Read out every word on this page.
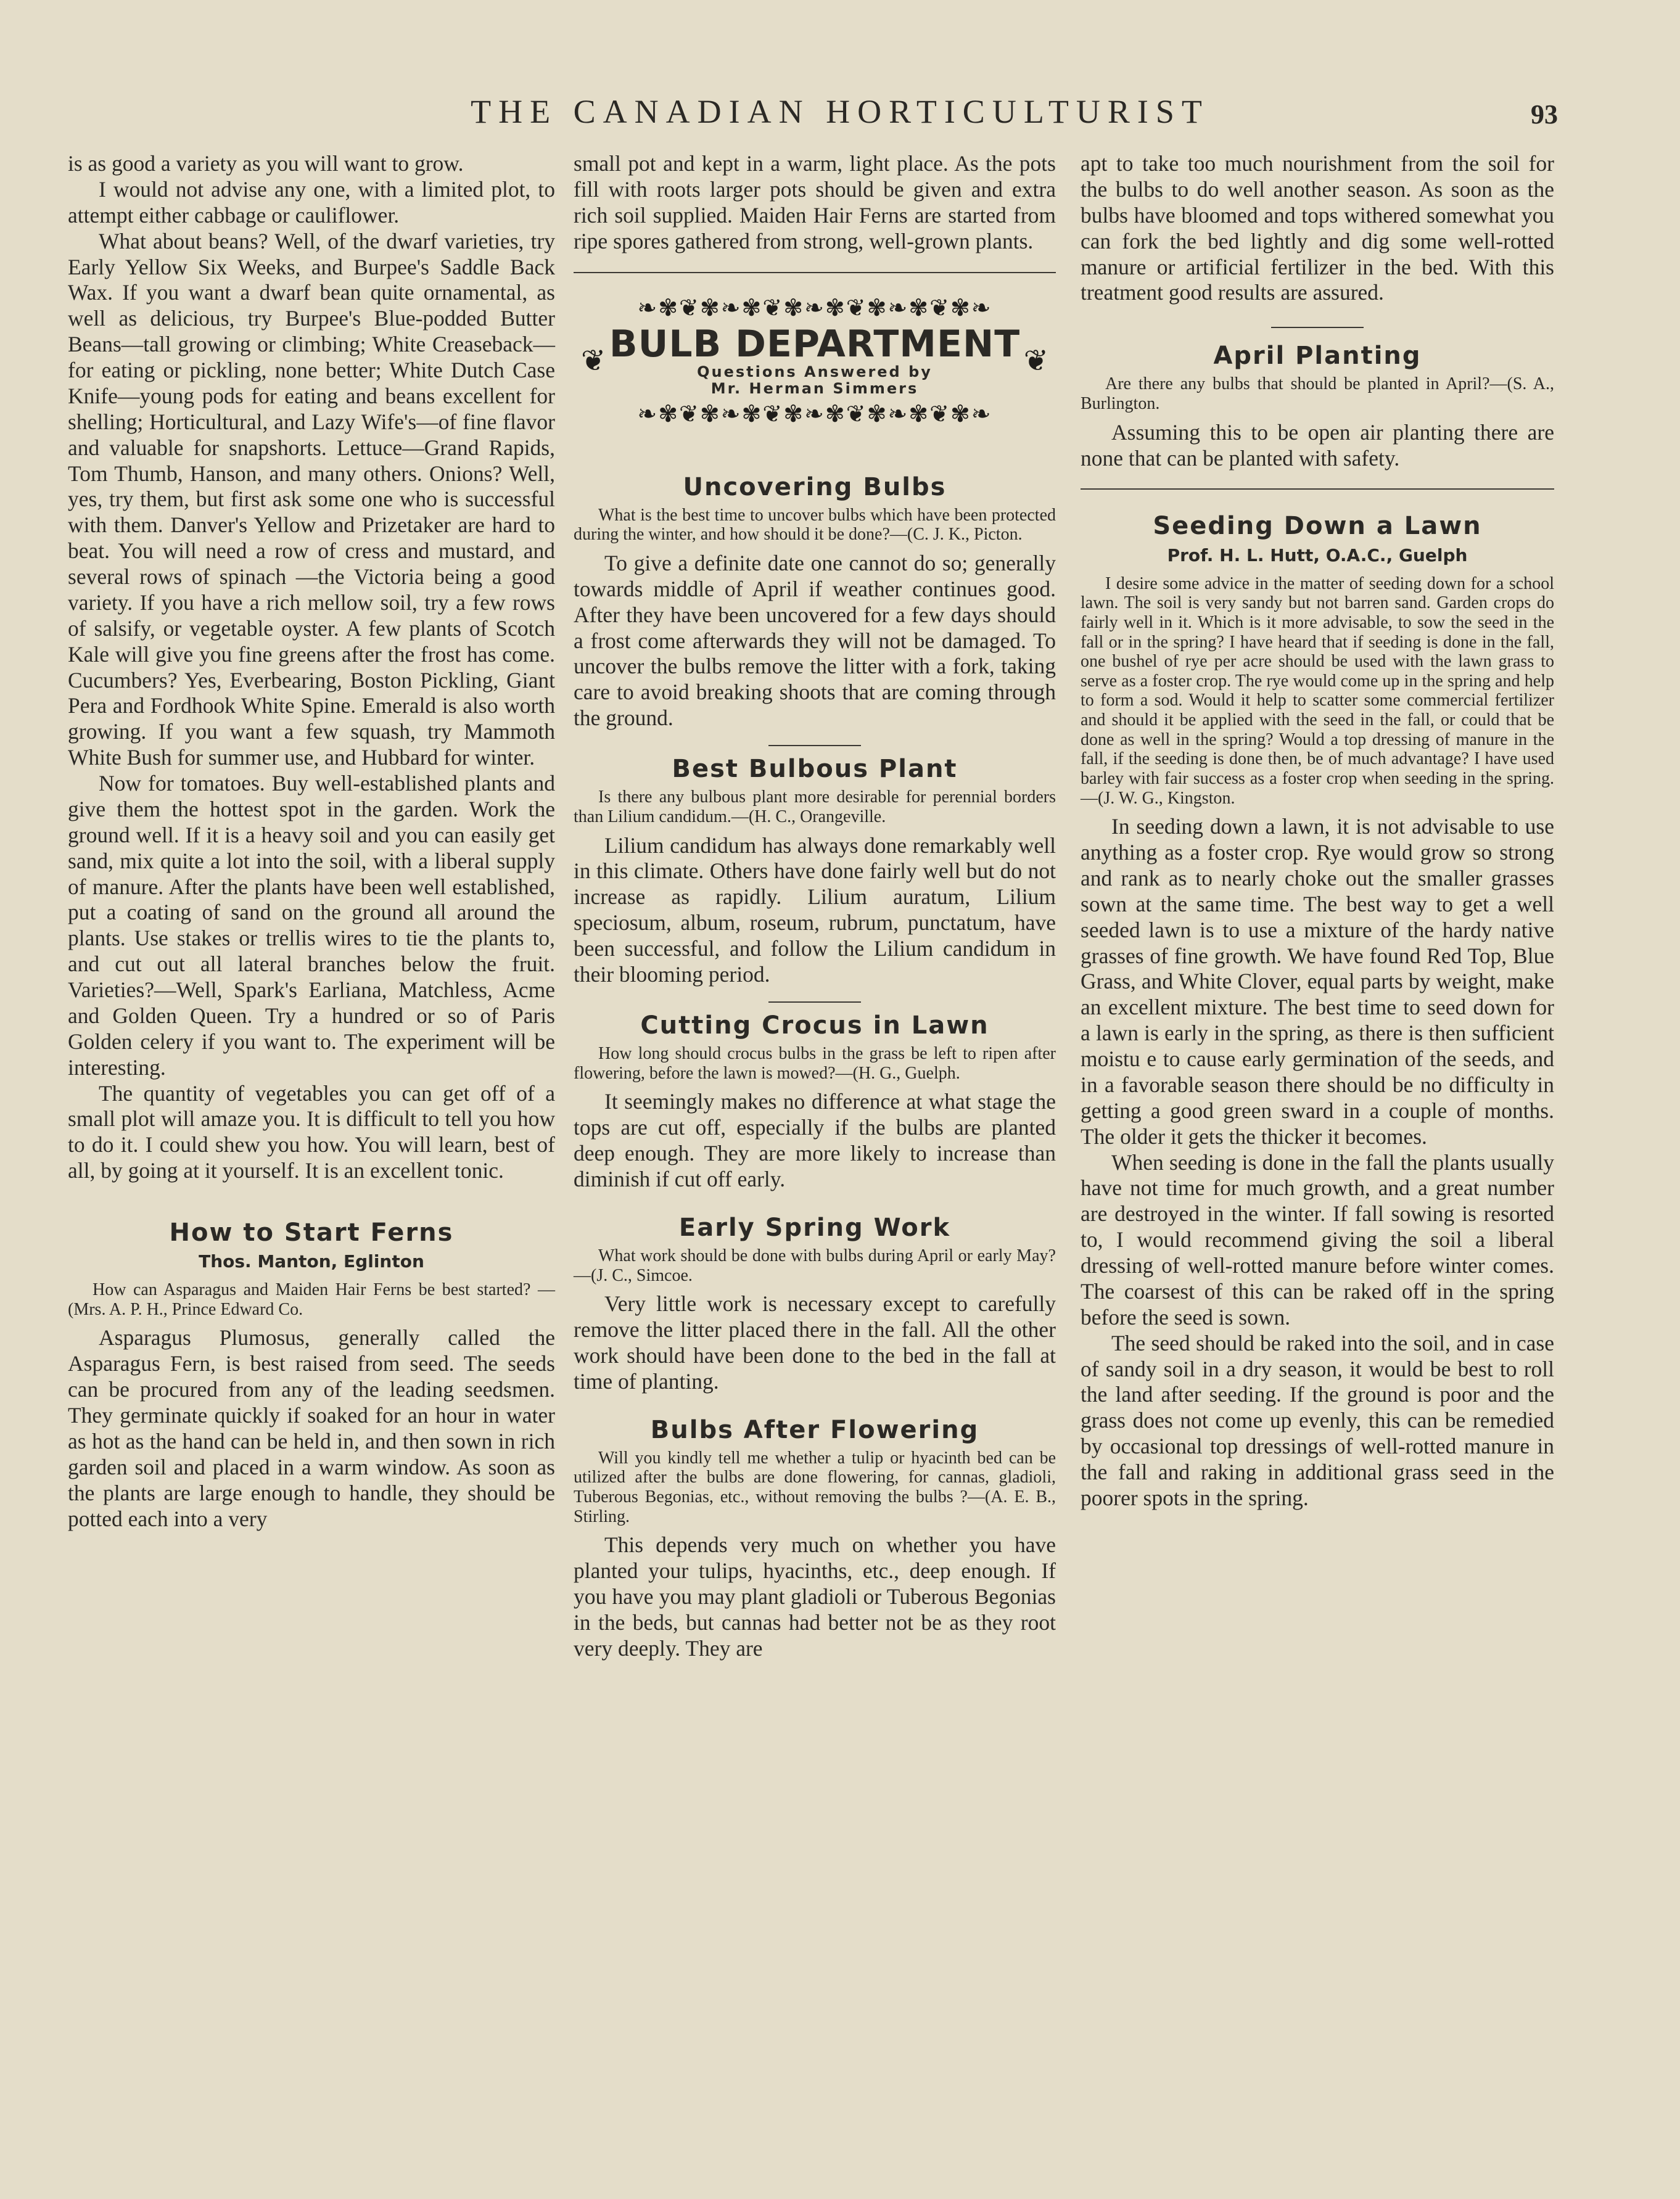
THE CANADIAN HORTICULTURIST	93

is as good a variety as you will want to grow.

I would not advise any one, with a limited plot, to attempt either cabbage or cauliflower.

What about beans? Well, of the dwarf varieties, try Early Yellow Six Weeks, and Burpee's Saddle Back Wax. If you want a dwarf bean quite ornamental, as well as delicious, try Burpee's Blue-podded Butter Beans—tall growing or climbing; White Creaseback—for eating or pickling, none better; White Dutch Case Knife—young pods for eating and beans excellent for shelling; Horticultural, and Lazy Wife's—of fine flavor and valuable for snapshorts. Lettuce—Grand Rapids, Tom Thumb, Hanson, and many others. Onions? Well, yes, try them, but first ask some one who is successful with them. Danver's Yellow and Prizetaker are hard to beat. You will need a row of cress and mustard, and several rows of spinach —the Victoria being a good variety. If you have a rich mellow soil, try a few rows of salsify, or vegetable oyster. A few plants of Scotch Kale will give you fine greens after the frost has come. Cucumbers? Yes, Everbearing, Boston Pickling, Giant Pera and Fordhook White Spine. Emerald is also worth growing. If you want a few squash, try Mammoth White Bush for summer use, and Hubbard for winter.

Now for tomatoes. Buy well-established plants and give them the hottest spot in the garden. Work the ground well. If it is a heavy soil and you can easily get sand, mix quite a lot into the soil, with a liberal supply of manure. After the plants have been well established, put a coating of sand on the ground all around the plants. Use stakes or trellis wires to tie the plants to, and cut out all lateral branches below the fruit. Varieties?—Well, Spark's Earliana, Matchless, Acme and Golden Queen. Try a hundred or so of Paris Golden celery if you want to. The experiment will be interesting.

The quantity of vegetables you can get off of a small plot will amaze you. It is difficult to tell you how to do it. I could shew you how. You will learn, best of all, by going at it yourself. It is an excellent tonic.

How to Start Ferns
Thos. Manton, Eglinton

How can Asparagus and Maiden Hair Ferns be best started? —(Mrs. A. P. H., Prince Edward Co.

Asparagus Plumosus, generally called the Asparagus Fern, is best raised from seed. The seeds can be procured from any of the leading seedsmen. They germinate quickly if soaked for an hour in water as hot as the hand can be held in, and then sown in rich garden soil and placed in a warm window. As soon as the plants are large enough to handle, they should be potted each into a very

small pot and kept in a warm, light place. As the pots fill with roots larger pots should be given and extra rich soil supplied. Maiden Hair Ferns are started from ripe spores gathered from strong, well-grown plants.

❧✾❦✾❧✾❦✾❧✾❦✾❧✾❦✾❧
❦ BULB DEPARTMENT
Questions Answered by
Mr. Herman Simmers
❦
❧✾❦✾❧✾❦✾❧✾❦✾❧✾❦✾❧
Uncovering Bulbs

What is the best time to uncover bulbs which have been protected during the winter, and how should it be done?—(C. J. K., Picton.

To give a definite date one cannot do so; generally towards middle of April if weather continues good. After they have been uncovered for a few days should a frost come afterwards they will not be damaged. To uncover the bulbs remove the litter with a fork, taking care to avoid breaking shoots that are coming through the ground.

Best Bulbous Plant

Is there any bulbous plant more desirable for perennial borders than Lilium candidum.—(H. C., Orangeville.

Lilium candidum has always done remarkably well in this climate. Others have done fairly well but do not increase as rapidly. Lilium auratum, Lilium speciosum, album, roseum, rubrum, punctatum, have been successful, and follow the Lilium candidum in their blooming period.

Cutting Crocus in Lawn

How long should crocus bulbs in the grass be left to ripen after flowering, before the lawn is mowed?—(H. G., Guelph.

It seemingly makes no difference at what stage the tops are cut off, especially if the bulbs are planted deep enough. They are more likely to increase than diminish if cut off early.

Early Spring Work

What work should be done with bulbs during April or early May?—(J. C., Simcoe.

Very little work is necessary except to carefully remove the litter placed there in the fall. All the other work should have been done to the bed in the fall at time of planting.

Bulbs After Flowering

Will you kindly tell me whether a tulip or hyacinth bed can be utilized after the bulbs are done flowering, for cannas, gladioli, Tuberous Begonias, etc., without removing the bulbs ?—(A. E. B., Stirling.

This depends very much on whether you have planted your tulips, hyacinths, etc., deep enough. If you have you may plant gladioli or Tuberous Begonias in the beds, but cannas had better not be as they root very deeply. They are

apt to take too much nourishment from the soil for the bulbs to do well another season. As soon as the bulbs have bloomed and tops withered somewhat you can fork the bed lightly and dig some well-rotted manure or artificial fertilizer in the bed. With this treatment good results are assured.

April Planting

Are there any bulbs that should be planted in April?—(S. A., Burlington.

Assuming this to be open air planting there are none that can be planted with safety.

Seeding Down a Lawn
Prof. H. L. Hutt, O.A.C., Guelph

I desire some advice in the matter of seeding down for a school lawn. The soil is very sandy but not barren sand. Garden crops do fairly well in it. Which is it more advisable, to sow the seed in the fall or in the spring? I have heard that if seeding is done in the fall, one bushel of rye per acre should be used with the lawn grass to serve as a foster crop. The rye would come up in the spring and help to form a sod. Would it help to scatter some commercial fertilizer and should it be applied with the seed in the fall, or could that be done as well in the spring? Would a top dressing of manure in the fall, if the seeding is done then, be of much advantage? I have used barley with fair success as a foster crop when seeding in the spring. —(J. W. G., Kingston.

In seeding down a lawn, it is not advisable to use anything as a foster crop. Rye would grow so strong and rank as to nearly choke out the smaller grasses sown at the same time. The best way to get a well seeded lawn is to use a mixture of the hardy native grasses of fine growth. We have found Red Top, Blue Grass, and White Clover, equal parts by weight, make an excellent mixture. The best time to seed down for a lawn is early in the spring, as there is then sufficient moistu e to cause early germination of the seeds, and in a favorable season there should be no difficulty in getting a good green sward in a couple of months. The older it gets the thicker it becomes.

When seeding is done in the fall the plants usually have not time for much growth, and a great number are destroyed in the winter. If fall sowing is resorted to, I would recommend giving the soil a liberal dressing of well-rotted manure before winter comes. The coarsest of this can be raked off in the spring before the seed is sown.

The seed should be raked into the soil, and in case of sandy soil in a dry season, it would be best to roll the land after seeding. If the ground is poor and the grass does not come up evenly, this can be remedied by occasional top dressings of well-rotted manure in the fall and raking in additional grass seed in the poorer spots in the spring.
